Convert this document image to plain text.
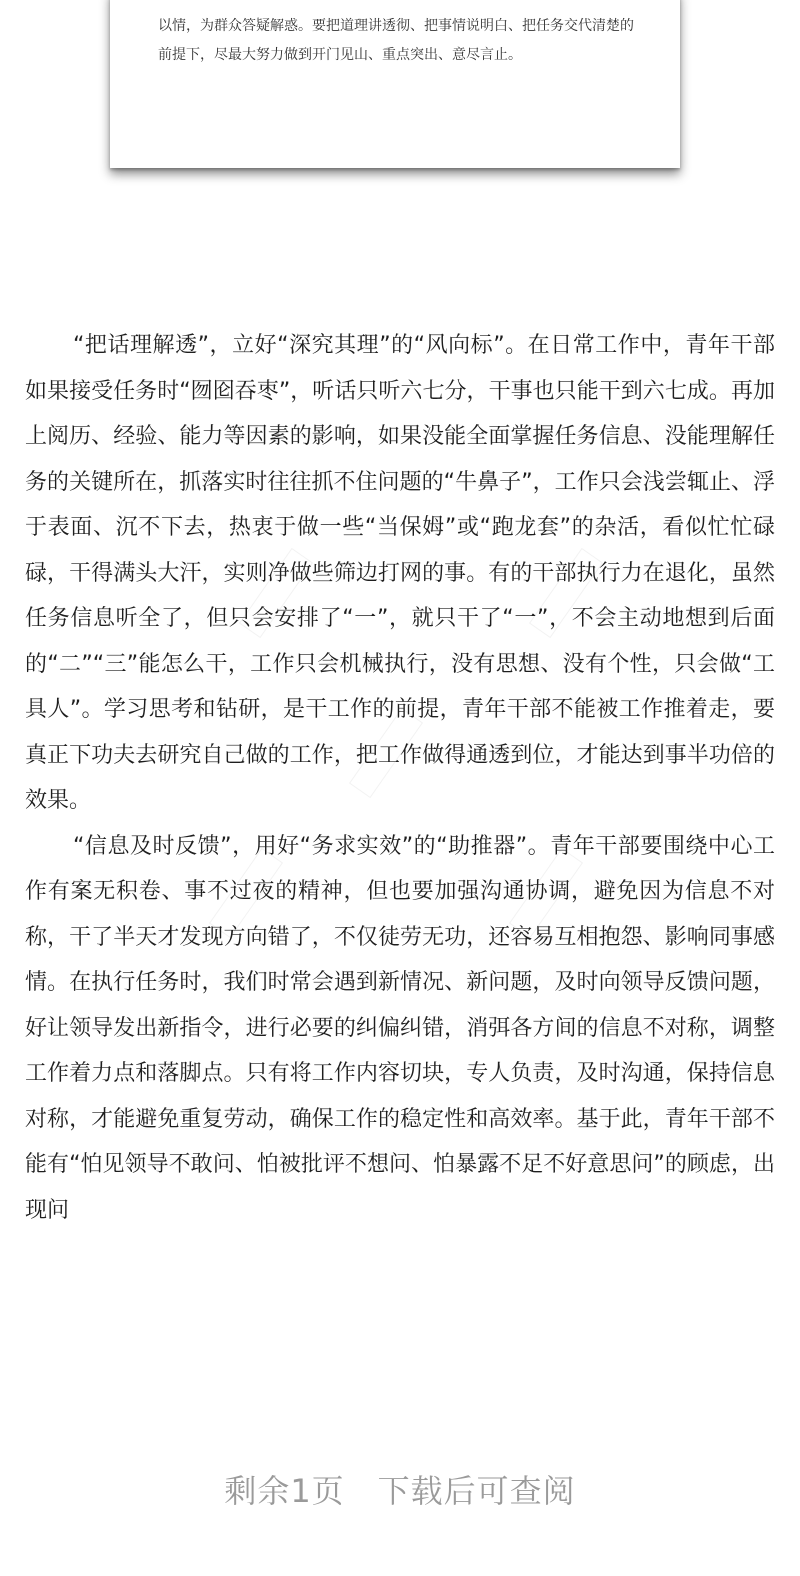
以情，为群众答疑解惑。要把道理讲透彻、把事情说明白、把任务交代清楚的前提下，尽最大努力做到开门见山、重点突出、意尽言止。

“把话理解透”，立好“深究其理”的“风向标”。在日常工作中，青年干部如果接受任务时“囫囵吞枣”，听话只听六七分，干事也只能干到六七成。再加上阅历、经验、能力等因素的影响，如果没能全面掌握任务信息、没能理解任务的关键所在，抓落实时往往抓不住问题的“牛鼻子”，工作只会浅尝辄止、浮于表面、沉不下去，热衷于做一些“当保姆”或“跑龙套”的杂活，看似忙忙碌碌，干得满头大汗，实则净做些筛边打网的事。有的干部执行力在退化，虽然任务信息听全了，但只会安排了“一”，就只干了“一”，不会主动地想到后面的“二”“三”能怎么干，工作只会机械执行，没有思想、没有个性，只会做“工具人”。学习思考和钻研，是干工作的前提，青年干部不能被工作推着走，要真正下功夫去研究自己做的工作，把工作做得通透到位，才能达到事半功倍的效果。

“信息及时反馈”，用好“务求实效”的“助推器”。青年干部要围绕中心工作有案无积卷、事不过夜的精神，但也要加强沟通协调，避免因为信息不对称，干了半天才发现方向错了，不仅徒劳无功，还容易互相抱怨、影响同事感情。在执行任务时，我们时常会遇到新情况、新问题，及时向领导反馈问题，好让领导发出新指令，进行必要的纠偏纠错，消弭各方间的信息不对称，调整工作着力点和落脚点。只有将工作内容切块，专人负责，及时沟通，保持信息对称，才能避免重复劳动，确保工作的稳定性和高效率。基于此，青年干部不能有“怕见领导不敢问、怕被批评不想问、怕暴露不足不好意思问”的顾虑，出现问

剩余1页　下载后可查阅
